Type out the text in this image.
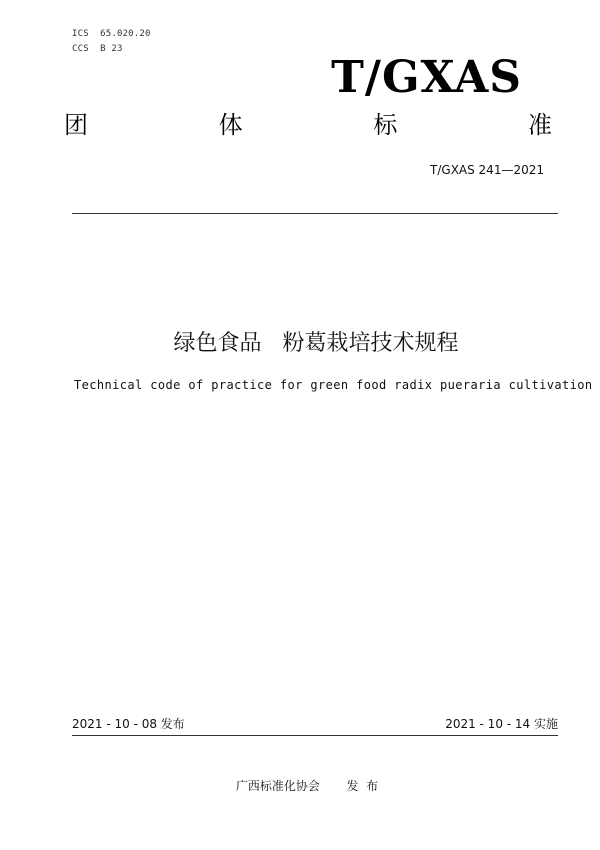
ICS  65.020.20
CCS  B 23
T/GXAS
团	体	标	准
T/GXAS 241—2021
绿色食品   粉葛栽培技术规程
Technical code of practice for green food radix pueraria cultivation
2021 - 10 - 08 发布	2021 - 10 - 14 实施
广西标准化协会       发  布
